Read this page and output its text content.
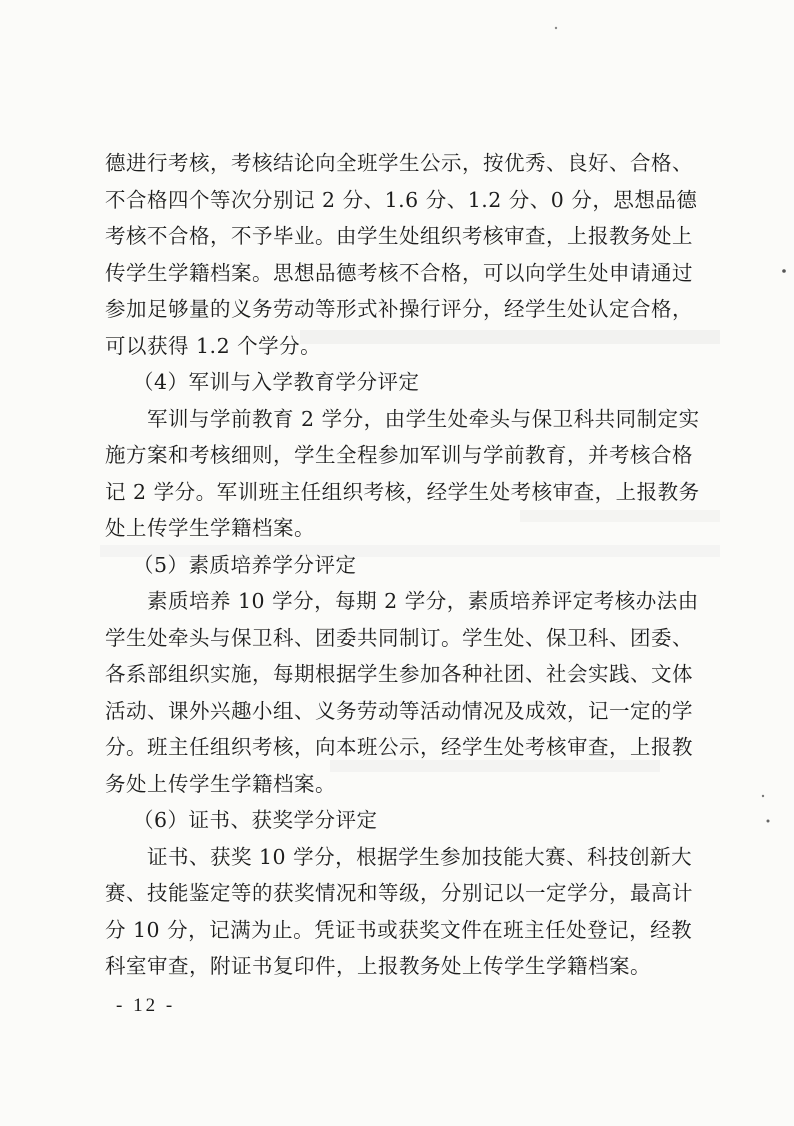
德进行考核，考核结论向全班学生公示，按优秀、良好、合格、
不合格四个等次分别记 2 分、1.6 分、1.2 分、0 分，思想品德
考核不合格，不予毕业。由学生处组织考核审查，上报教务处上
传学生学籍档案。思想品德考核不合格，可以向学生处申请通过
参加足够量的义务劳动等形式补操行评分，经学生处认定合格，
可以获得 1.2 个学分。
（4）军训与入学教育学分评定
军训与学前教育 2 学分，由学生处牵头与保卫科共同制定实
施方案和考核细则，学生全程参加军训与学前教育，并考核合格
记 2 学分。军训班主任组织考核，经学生处考核审查，上报教务
处上传学生学籍档案。
（5）素质培养学分评定
素质培养 10 学分，每期 2 学分，素质培养评定考核办法由
学生处牵头与保卫科、团委共同制订。学生处、保卫科、团委、
各系部组织实施，每期根据学生参加各种社团、社会实践、文体
活动、课外兴趣小组、义务劳动等活动情况及成效，记一定的学
分。班主任组织考核，向本班公示，经学生处考核审查，上报教
务处上传学生学籍档案。
（6）证书、获奖学分评定
证书、获奖 10 学分，根据学生参加技能大赛、科技创新大
赛、技能鉴定等的获奖情况和等级，分别记以一定学分，最高计
分 10 分，记满为止。凭证书或获奖文件在班主任处登记，经教
科室审查，附证书复印件，上报教务处上传学生学籍档案。
- 12 -
